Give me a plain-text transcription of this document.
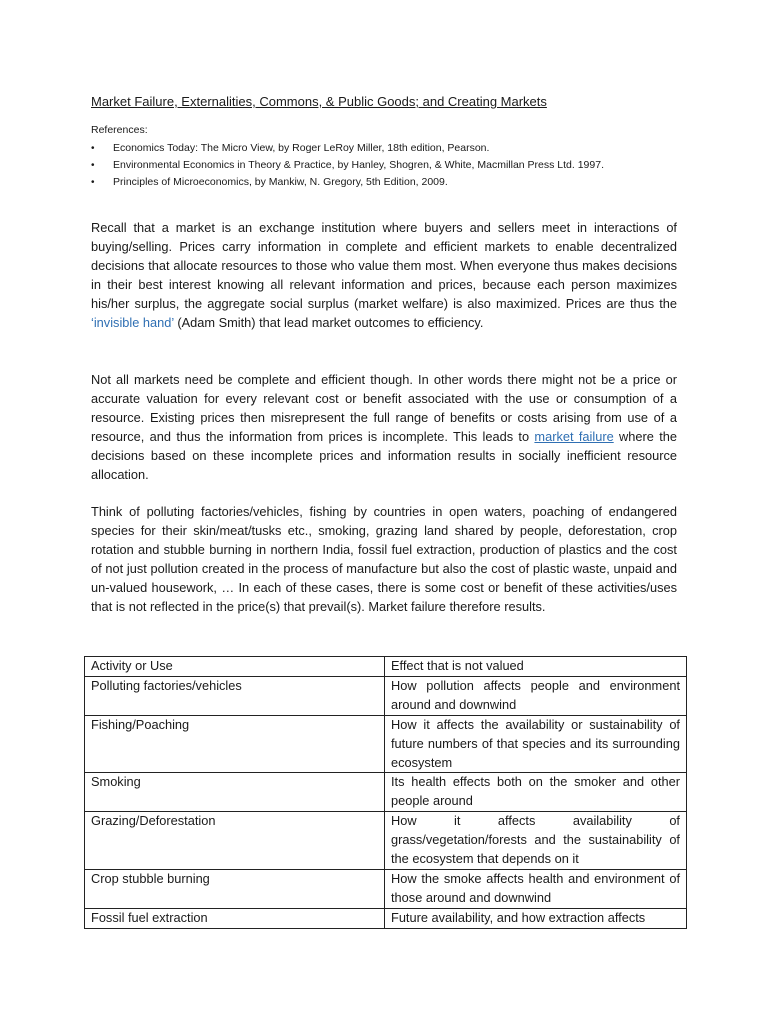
Market Failure, Externalities, Commons, & Public Goods; and Creating Markets
References:
• Economics Today: The Micro View, by Roger LeRoy Miller, 18th edition, Pearson.
• Environmental Economics in Theory & Practice, by Hanley, Shogren, & White, Macmillan Press Ltd. 1997.
• Principles of Microeconomics, by Mankiw, N. Gregory, 5th Edition, 2009.

Recall that a market is an exchange institution where buyers and sellers meet in interactions of buying/selling. Prices carry information in complete and efficient markets to enable decentralized decisions that allocate resources to those who value them most. When everyone thus makes decisions in their best interest knowing all relevant information and prices, because each person maximizes his/her surplus, the aggregate social surplus (market welfare) is also maximized. Prices are thus the ‘invisible hand’ (Adam Smith) that lead market outcomes to efficiency.

Not all markets need be complete and efficient though. In other words there might not be a price or accurate valuation for every relevant cost or benefit associated with the use or consumption of a resource. Existing prices then misrepresent the full range of benefits or costs arising from use of a resource, and thus the information from prices is incomplete. This leads to market failure where the decisions based on these incomplete prices and information results in socially inefficient resource allocation.

Think of polluting factories/vehicles, fishing by countries in open waters, poaching of endangered species for their skin/meat/tusks etc., smoking, grazing land shared by people, deforestation, crop rotation and stubble burning in northern India, fossil fuel extraction, production of plastics and the cost of not just pollution created in the process of manufacture but also the cost of plastic waste, unpaid and un-valued housework, … In each of these cases, there is some cost or benefit of these activities/uses that is not reflected in the price(s) that prevail(s). Market failure therefore results.

Activity or Use	Effect that is not valued
Polluting factories/vehicles	How pollution affects people and environment around and downwind
Fishing/Poaching	How it affects the availability or sustainability of future numbers of that species and its surrounding ecosystem
Smoking	Its health effects both on the smoker and other people around
Grazing/Deforestation	How it affects availability of grass/vegetation/forests and the sustainability of the ecosystem that depends on it
Crop stubble burning	How the smoke affects health and environment of those around and downwind
Fossil fuel extraction	Future availability, and how extraction affects
